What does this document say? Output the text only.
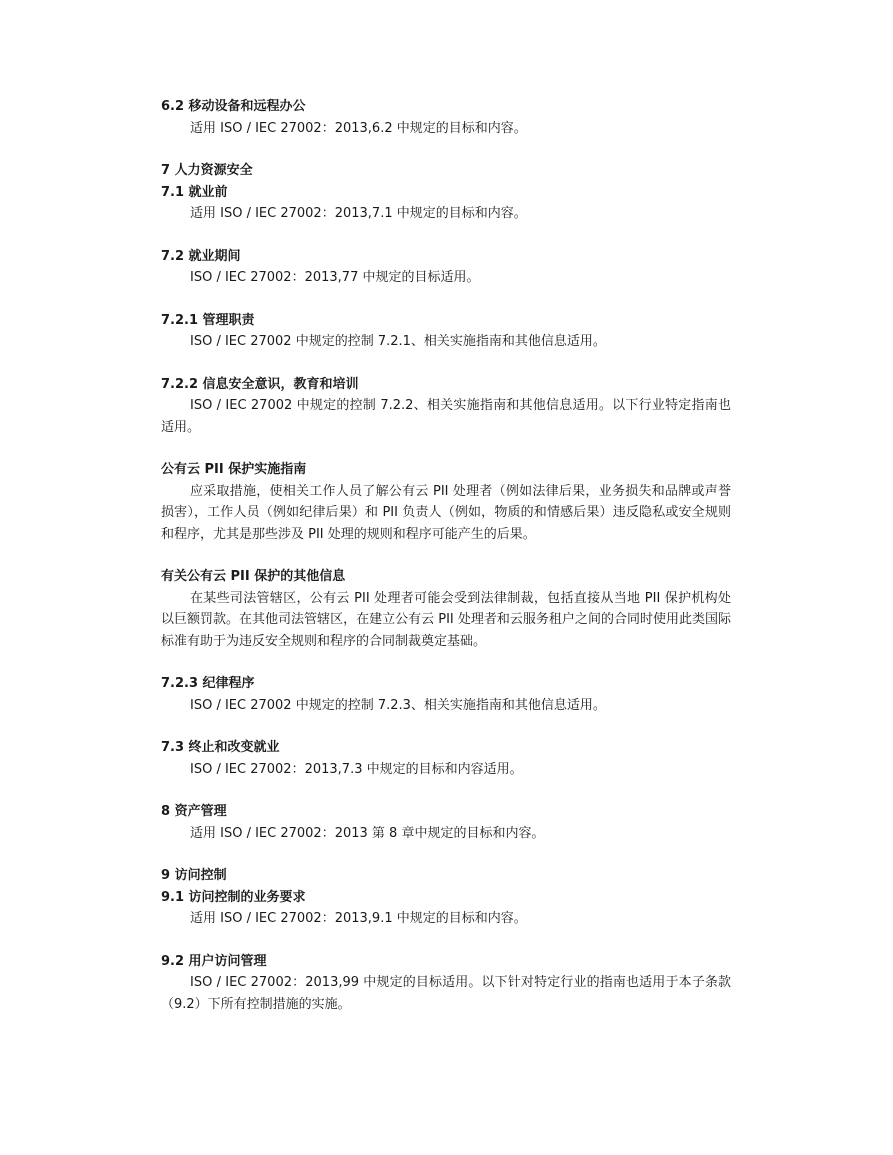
6.2 移动设备和远程办公

适用 ISO / IEC 27002：2013,6.2 中规定的目标和内容。

7 人力资源安全

7.1 就业前

适用 ISO / IEC 27002：2013,7.1 中规定的目标和内容。

7.2 就业期间

ISO / IEC 27002：2013,77 中规定的目标适用。

7.2.1 管理职责

ISO / IEC 27002 中规定的控制 7.2.1、相关实施指南和其他信息适用。

7.2.2 信息安全意识，教育和培训

ISO / IEC 27002 中规定的控制 7.2.2、相关实施指南和其他信息适用。以下行业特定指南也适用。

公有云 PII 保护实施指南

应采取措施，使相关工作人员了解公有云 PII 处理者（例如法律后果，业务损失和品牌或声誉损害），工作人员（例如纪律后果）和 PII 负责人（例如，物质的和情感后果）违反隐私或安全规则和程序，尤其是那些涉及 PII 处理的规则和程序可能产生的后果。

有关公有云 PII 保护的其他信息

在某些司法管辖区，公有云 PII 处理者可能会受到法律制裁，包括直接从当地 PII 保护机构处以巨额罚款。在其他司法管辖区，在建立公有云 PII 处理者和云服务租户之间的合同时使用此类国际标准有助于为违反安全规则和程序的合同制裁奠定基础。

7.2.3 纪律程序

ISO / IEC 27002 中规定的控制 7.2.3、相关实施指南和其他信息适用。

7.3 终止和改变就业

ISO / IEC 27002：2013,7.3 中规定的目标和内容适用。

8 资产管理

适用 ISO / IEC 27002：2013 第 8 章中规定的目标和内容。

9 访问控制

9.1 访问控制的业务要求

适用 ISO / IEC 27002：2013,9.1 中规定的目标和内容。

9.2 用户访问管理

ISO / IEC 27002：2013,99 中规定的目标适用。以下针对特定行业的指南也适用于本子条款（9.2）下所有控制措施的实施。
